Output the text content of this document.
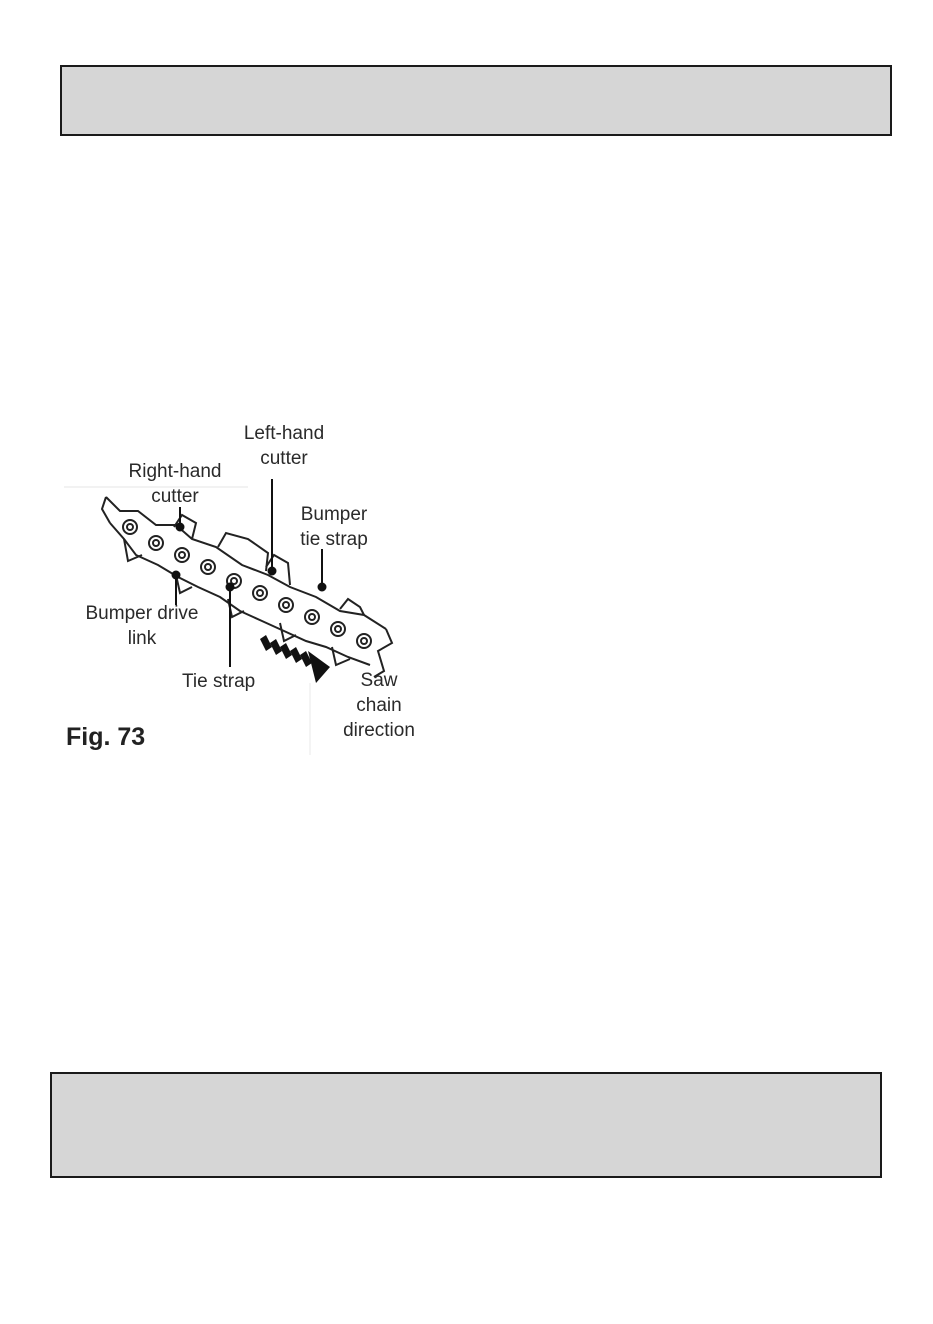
Left-hand
cutter
Right-hand
cutter
Bumper
tie strap
Bumper drive
link
Tie strap	Saw
chain
direction
Fig. 73
